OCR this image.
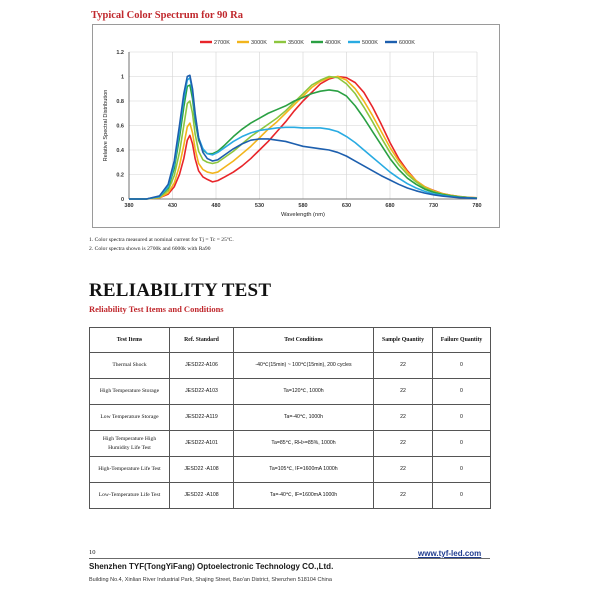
Typical Color Spectrum for 90 Ra
380	430	480	530	580	630	680	730	780
0
0.2
0.4
0.6
0.8
1
1.2
Wavelength (nm)
Relative Spectral Distribution
2700K	3000K	3500K	4000K	5000K	6000K
1. Color spectra measured at nominal current for Tj = Tc = 25ºC.
2. Color spectra shown is 2700k and 6000k with Ra90
RELIABILITY TEST
Reliability Test Items and Conditions
Test Items	Ref. Standard	Test Conditions	Sample Quantity	Failure Quantity
Thermal Shock	JESD22-A106	-40℃(15min) ~ 100℃(15min), 200 cycles	22	0
High Temperature Storage	JESD22-A103	Ta=120℃, 1000h	22	0
Low Temperature Storage	JESD22-A119	Ta=-40℃, 1000h	22	0
High Temperature High Humidity Life Test	JESD22-A101	Ta=85℃, RH>=85%, 1000h	22	0
High-Temperature Life Test	JESD22 -A108	Ta=105℃, IF=1600mA 1000h	22	0
Low-Temperature Life Test	JESD22 -A108	Ta=-40℃, IF=1600mA 1000h	22	0
10	www.tyf-led.com
Shenzhen TYF(TongYiFang) Optoelectronic Technology CO.,Ltd.
Building No.4, Xinlian River Industrial Park, Shajing Street, Bao'an District, Shenzhen 518104 China
